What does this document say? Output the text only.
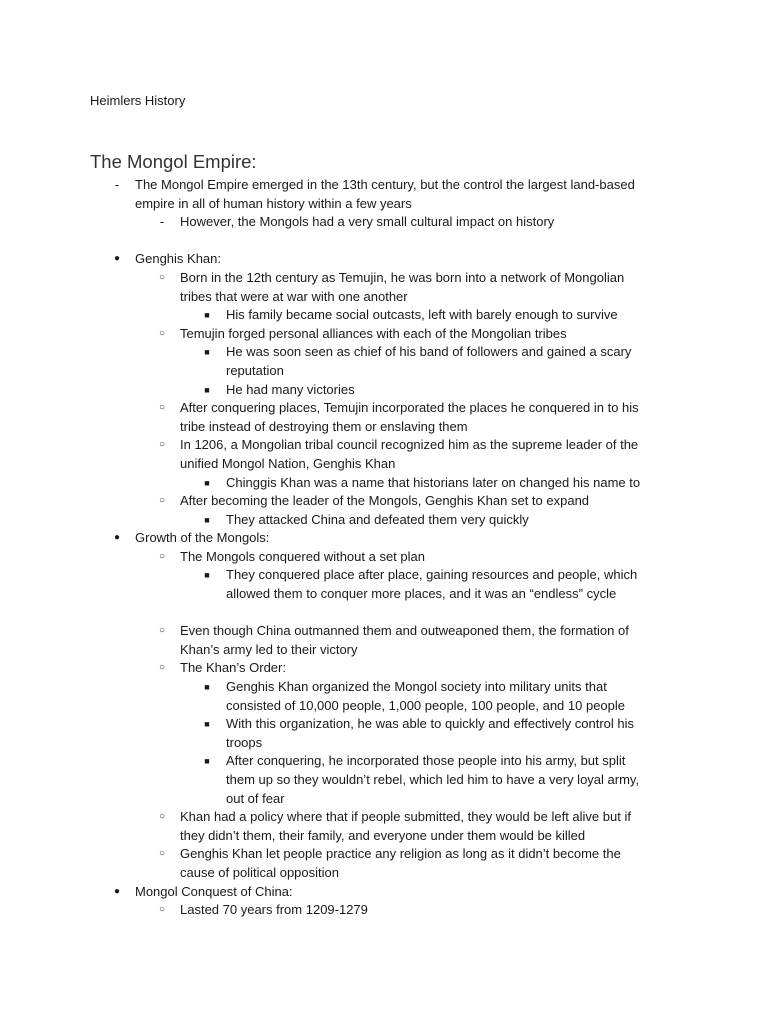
Heimlers History
The Mongol Empire:
- The Mongol Empire emerged in the 13th century, but the control the largest land-based
empire in all of human history within a few years
- However, the Mongols had a very small cultural impact on history
● Genghis Khan:
○ Born in the 12th century as Temujin, he was born into a network of Mongolian
tribes that were at war with one another
■ His family became social outcasts, left with barely enough to survive
○ Temujin forged personal alliances with each of the Mongolian tribes
■ He was soon seen as chief of his band of followers and gained a scary
reputation
■ He had many victories
○ After conquering places, Temujin incorporated the places he conquered in to his
tribe instead of destroying them or enslaving them
○ In 1206, a Mongolian tribal council recognized him as the supreme leader of the
unified Mongol Nation, Genghis Khan
■ Chinggis Khan was a name that historians later on changed his name to
○ After becoming the leader of the Mongols, Genghis Khan set to expand
■ They attacked China and defeated them very quickly
● Growth of the Mongols:
○ The Mongols conquered without a set plan
■ They conquered place after place, gaining resources and people, which
allowed them to conquer more places, and it was an “endless” cycle
○ Even though China outmanned them and outweaponed them, the formation of
Khan’s army led to their victory
○ The Khan’s Order:
■ Genghis Khan organized the Mongol society into military units that
consisted of 10,000 people, 1,000 people, 100 people, and 10 people
■ With this organization, he was able to quickly and effectively control his
troops
■ After conquering, he incorporated those people into his army, but split
them up so they wouldn’t rebel, which led him to have a very loyal army,
out of fear
○ Khan had a policy where that if people submitted, they would be left alive but if
they didn’t them, their family, and everyone under them would be killed
○ Genghis Khan let people practice any religion as long as it didn’t become the
cause of political opposition
● Mongol Conquest of China:
○ Lasted 70 years from 1209-1279
